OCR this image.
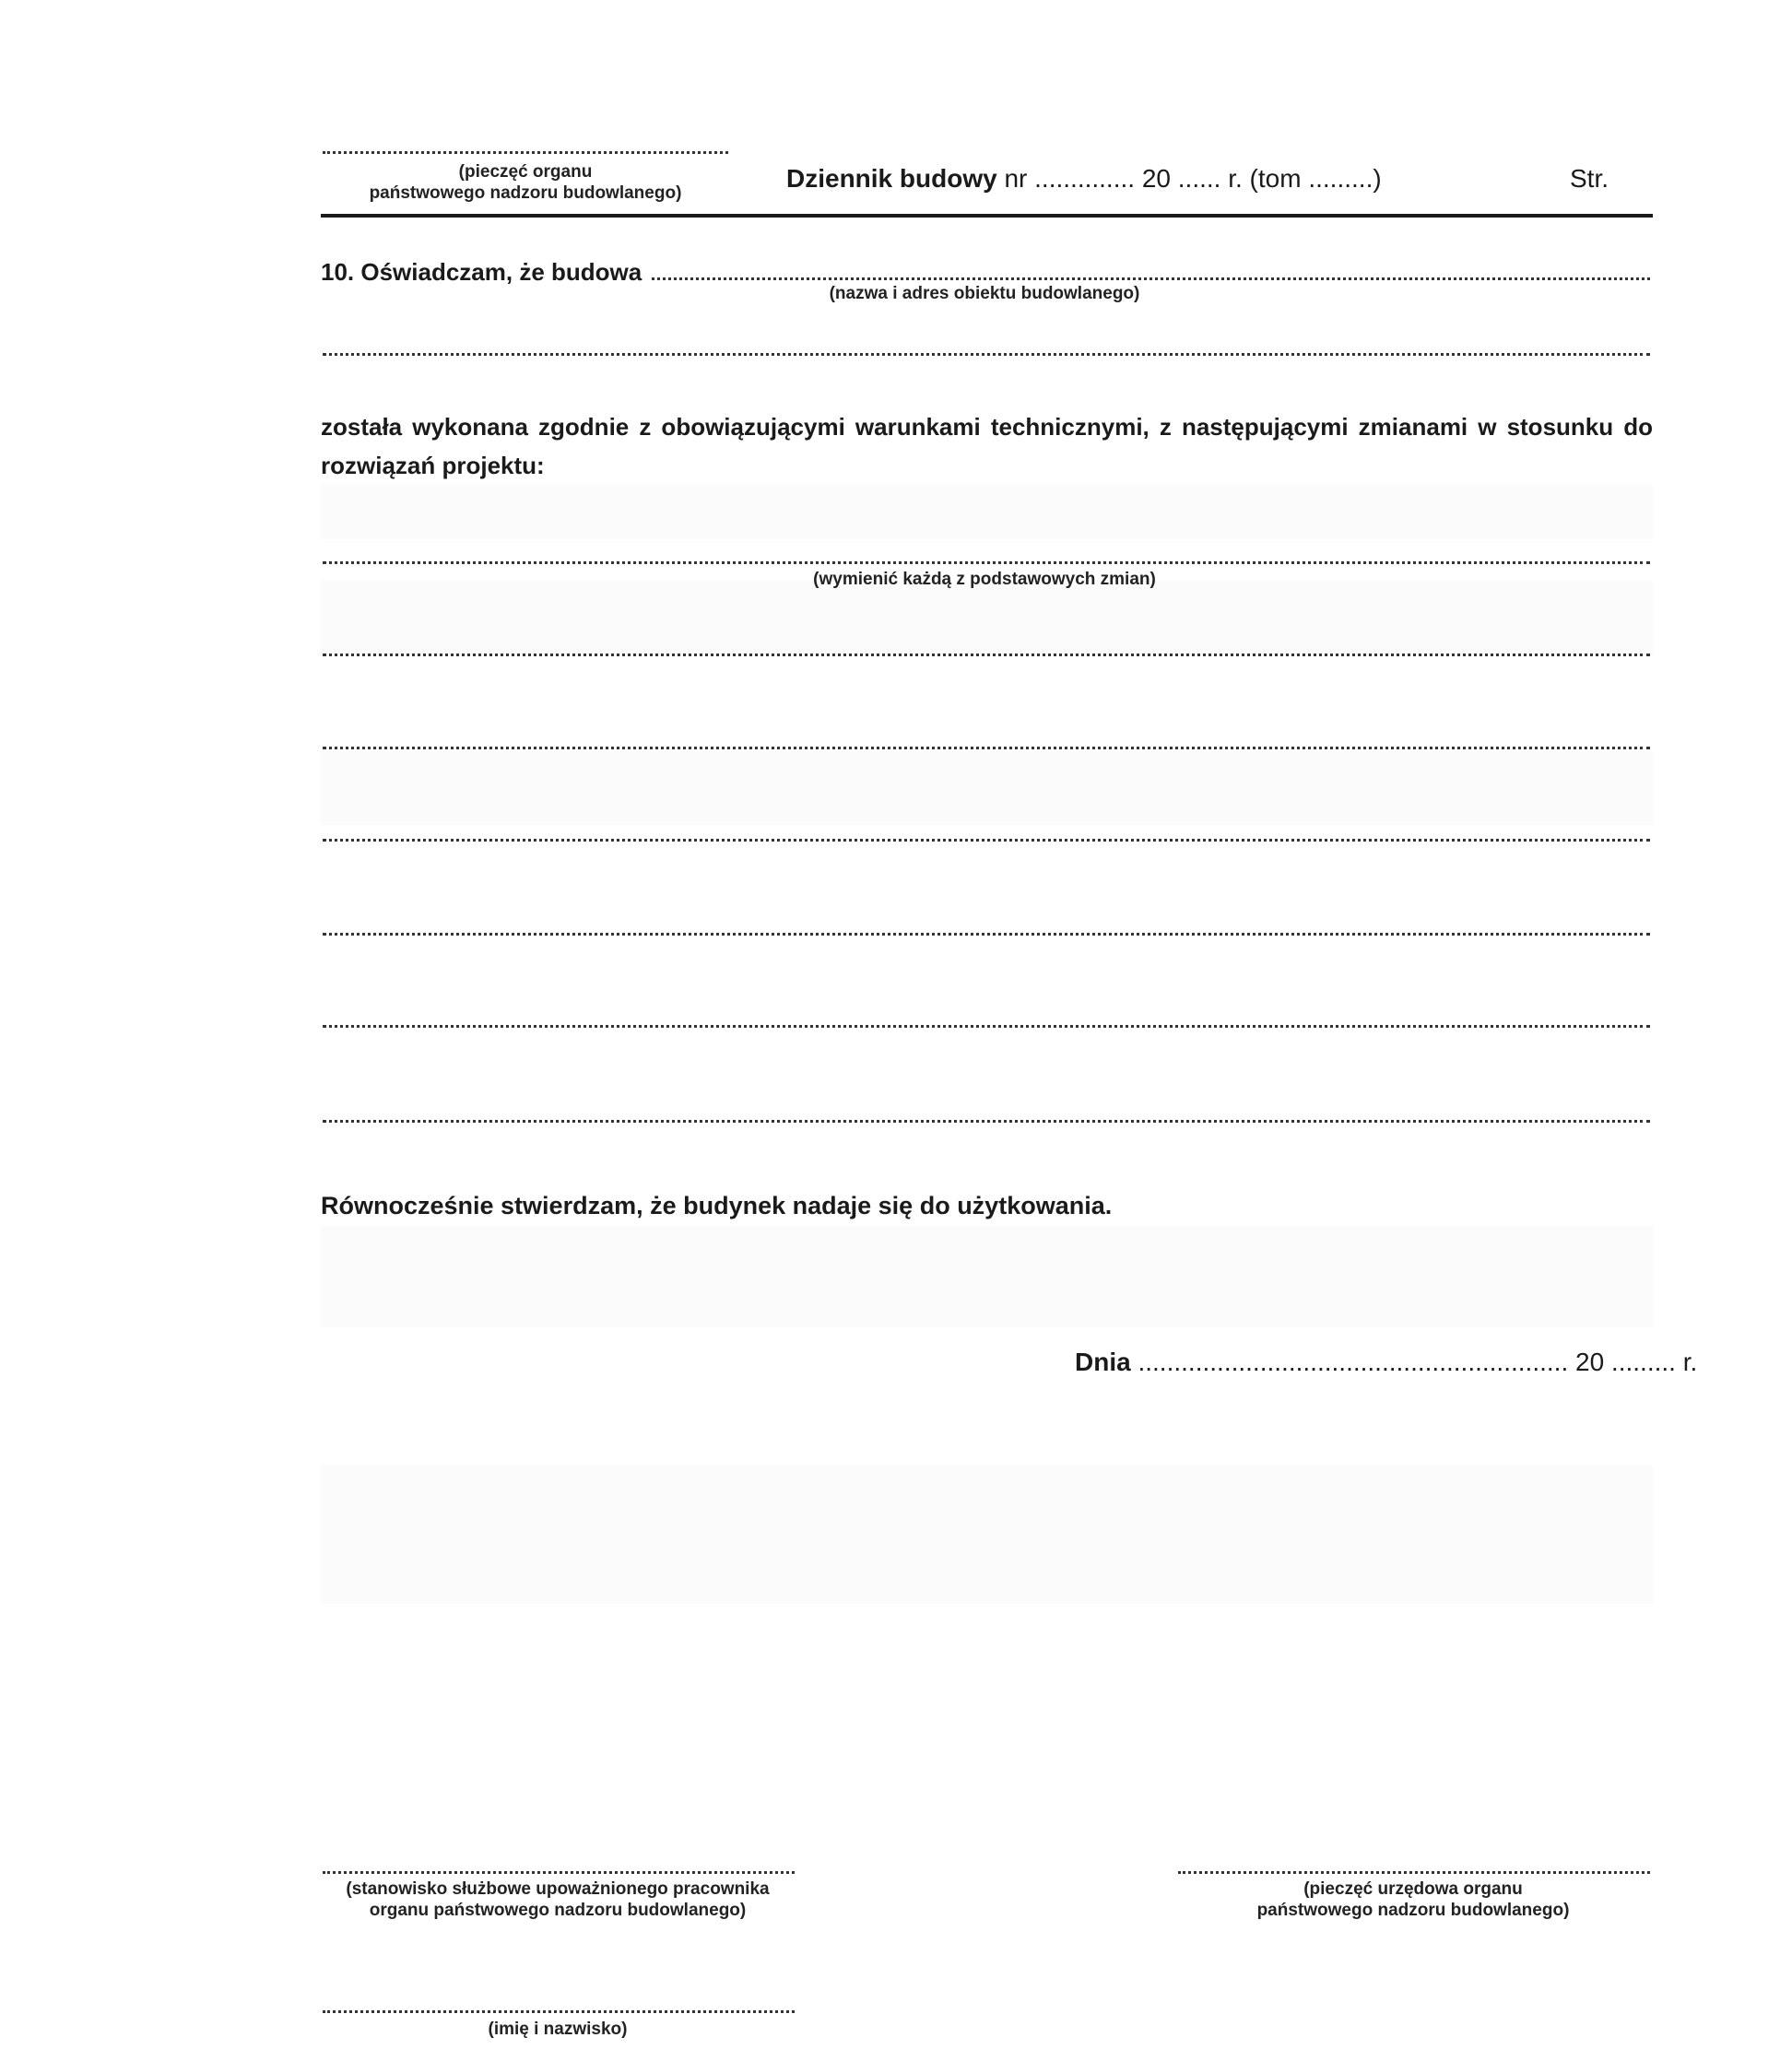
(pieczęć organu
państwowego nadzoru budowlanego)
Dziennik budowy nr .............. 20 ...... r. (tom .........)	Str.
10. Oświadczam, że budowa
(nazwa i adres obiektu budowlanego)
została wykonana zgodnie z obowiązującymi warunkami technicznymi, z następującymi zmianami w stosunku do rozwiązań projektu:
(wymienić każdą z podstawowych zmian)
Równocześnie stwierdzam, że budynek nadaje się do użytkowania.
Dnia ............................................................ 20 ......... r.
(stanowisko służbowe upoważnionego pracownika
organu państwowego nadzoru budowlanego)
(pieczęć urzędowa organu
państwowego nadzoru budowlanego)
(imię i nazwisko)
